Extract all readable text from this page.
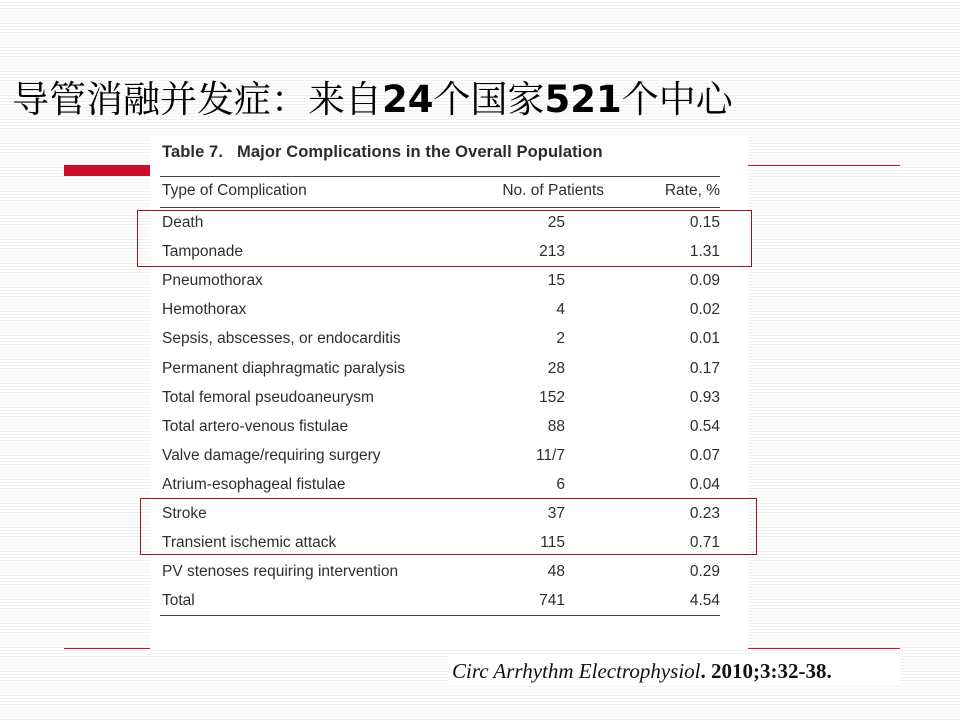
导管消融并发症：来自24个国家521个中心
Table 7. Major Complications in the Overall Population
Type of Complication	No. of Patients	Rate, %
Death	25	0.15
Tamponade	213	1.31
Pneumothorax	15	0.09
Hemothorax	4	0.02
Sepsis, abscesses, or endocarditis	2	0.01
Permanent diaphragmatic paralysis	28	0.17
Total femoral pseudoaneurysm	152	0.93
Total artero-venous fistulae	88	0.54
Valve damage/requiring surgery	11/7	0.07
Atrium-esophageal fistulae	6	0.04
Stroke	37	0.23
Transient ischemic attack	115	0.71
PV stenoses requiring intervention	48	0.29
Total	741	4.54
Circ Arrhythm Electrophysiol. 2010;3:32-38.
